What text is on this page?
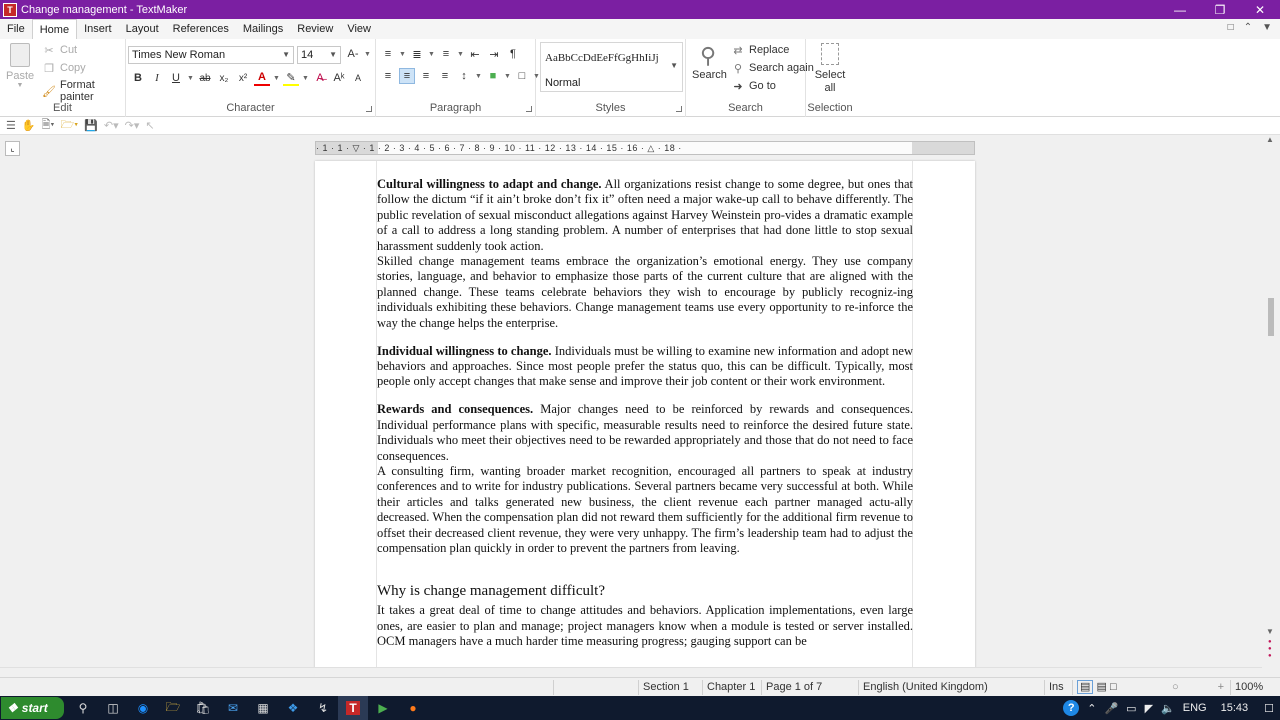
T Change management - TextMaker	—	❐	✕
File	Home	Insert	Layout	References	Mailings	Review	View	□ ⌃ ▼
Paste
▼
✂ Cut
❐ Copy
🖌
Format painter
Edit
Times New Roman	▼	14 ▼ A‑ ▼
B	I	U	▼ ab x₂	x² A	▼ ✎ ▼ A̶ Aᵏ	A
Character
≡	▼ ≣ ▼ ≡	▼ ⇤ ⇥	¶
≡	≡	≡	≡	↕	▼ ■	▼ □	▼
Paragraph	Styles
AaBbCcDdEeFfGgHhIiJj
Normal
▼
Search
⚲
Search
⇄ Replace
⚲ Search again
➜ Go to
Selection
Select
all
☰ ✋ 🗎▾ 🗁▾ 💾 ↶▾ ↷▾ ↖
⌞	· 1 · 1 · ▽ · 1 · 2 · 3 · 4 · 5 · 6 · 7 · 8 · 9 · 10 · 11 · 12 · 13 · 14 · 15 · 16 · △ · 18 ·

Cultural willingness to adapt and change. All organizations resist change to some degree, but ones that follow the dictum “if it ain’t broke don’t fix it” often need a major wake-up call to behave differently. The public revelation of sexual misconduct allegations against Harvey Weinstein pro-vides a dramatic example of a call to address a long standing problem. A number of enterprises that had done little to stop sexual harassment suddenly took action.

Skilled change management teams embrace the organization’s emotional energy. They use company stories, language, and behavior to emphasize those parts of the current culture that are aligned with the planned change. These teams celebrate behaviors they wish to encourage by publicly recogniz-ing individuals exhibiting these behaviors. Change management teams use every opportunity to re-inforce the way the change helps the enterprise.

Individual willingness to change. Individuals must be willing to examine new information and adopt new behaviors and approaches. Since most people prefer the status quo, this can be difficult. Typically, most people only accept changes that make sense and improve their job content or their work environment.

Rewards and consequences. Major changes need to be reinforced by rewards and consequences. Individual performance plans with specific, measurable results need to reinforce the desired future state. Individuals who meet their objectives need to be rewarded appropriately and those that do not need to face consequences.

A consulting firm, wanting broader market recognition, encouraged all partners to speak at industry conferences and to write for industry publications. Several partners became very successful at both. While their articles and talks generated new business, the client revenue each partner managed actu-ally decreased. When the compensation plan did not reward them sufficiently for the additional firm revenue to offset their decreased client revenue, they were very unhappy. The firm’s leadership team had to adjust the compensation plan quickly in order to prevent the partners from leaving.

Why is change management difficult?

It takes a great deal of time to change attitudes and behaviors. Application implementations, even large ones, are easier to plan and manage; project managers know when a module is tested or server installed. OCM managers have a much harder time measuring progress; gauging support can be

▲
▼
●
●
●
Section 1	Chapter 1 Page 1 of 7	English (United Kingdom)	Ins	▤ ▤ □	○	+	100%
❖ start	⚲	◫	◉	🗁	🛍	✉	▦	❖	↯	T	▶	●	?	⌃ 🎤 ▭ ◤ 🔈 ENG 15:43 ☐
